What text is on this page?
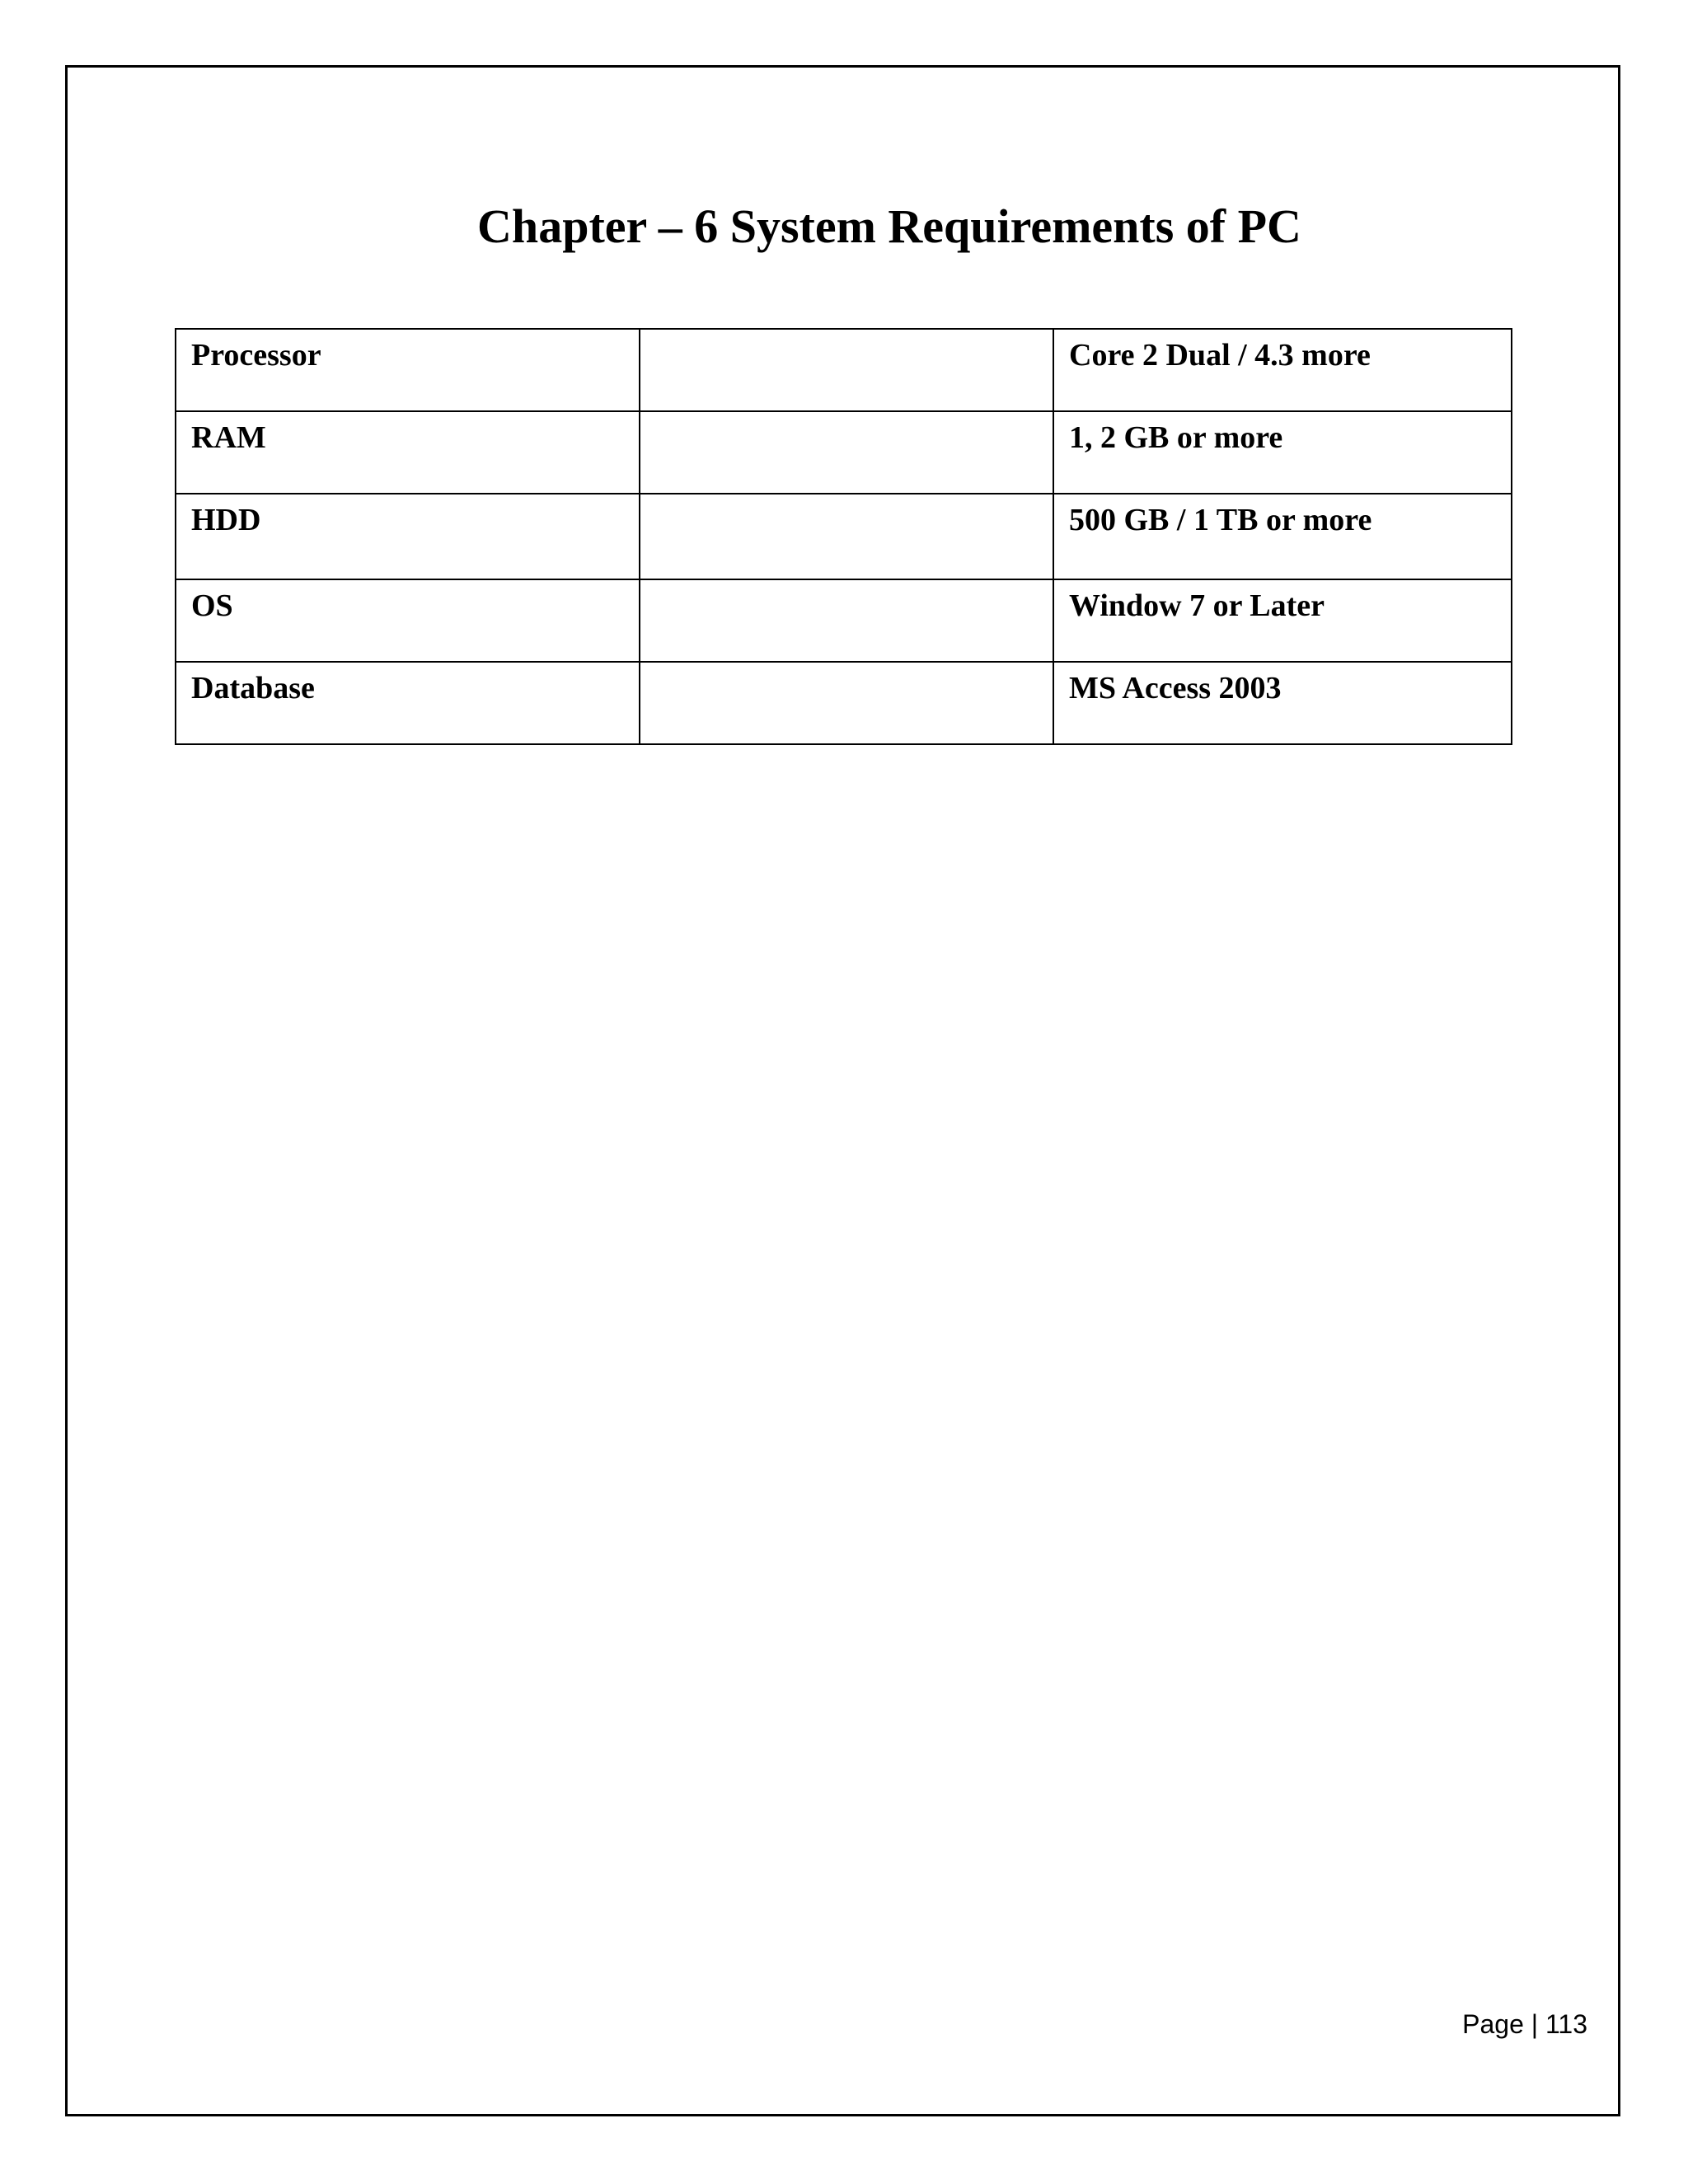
Chapter – 6 System Requirements of PC
Processor		Core 2 Dual / 4.3 more
RAM		1, 2 GB or more
HDD		500 GB / 1 TB or more
OS		Window 7 or Later
Database		MS Access 2003
Page | 113
